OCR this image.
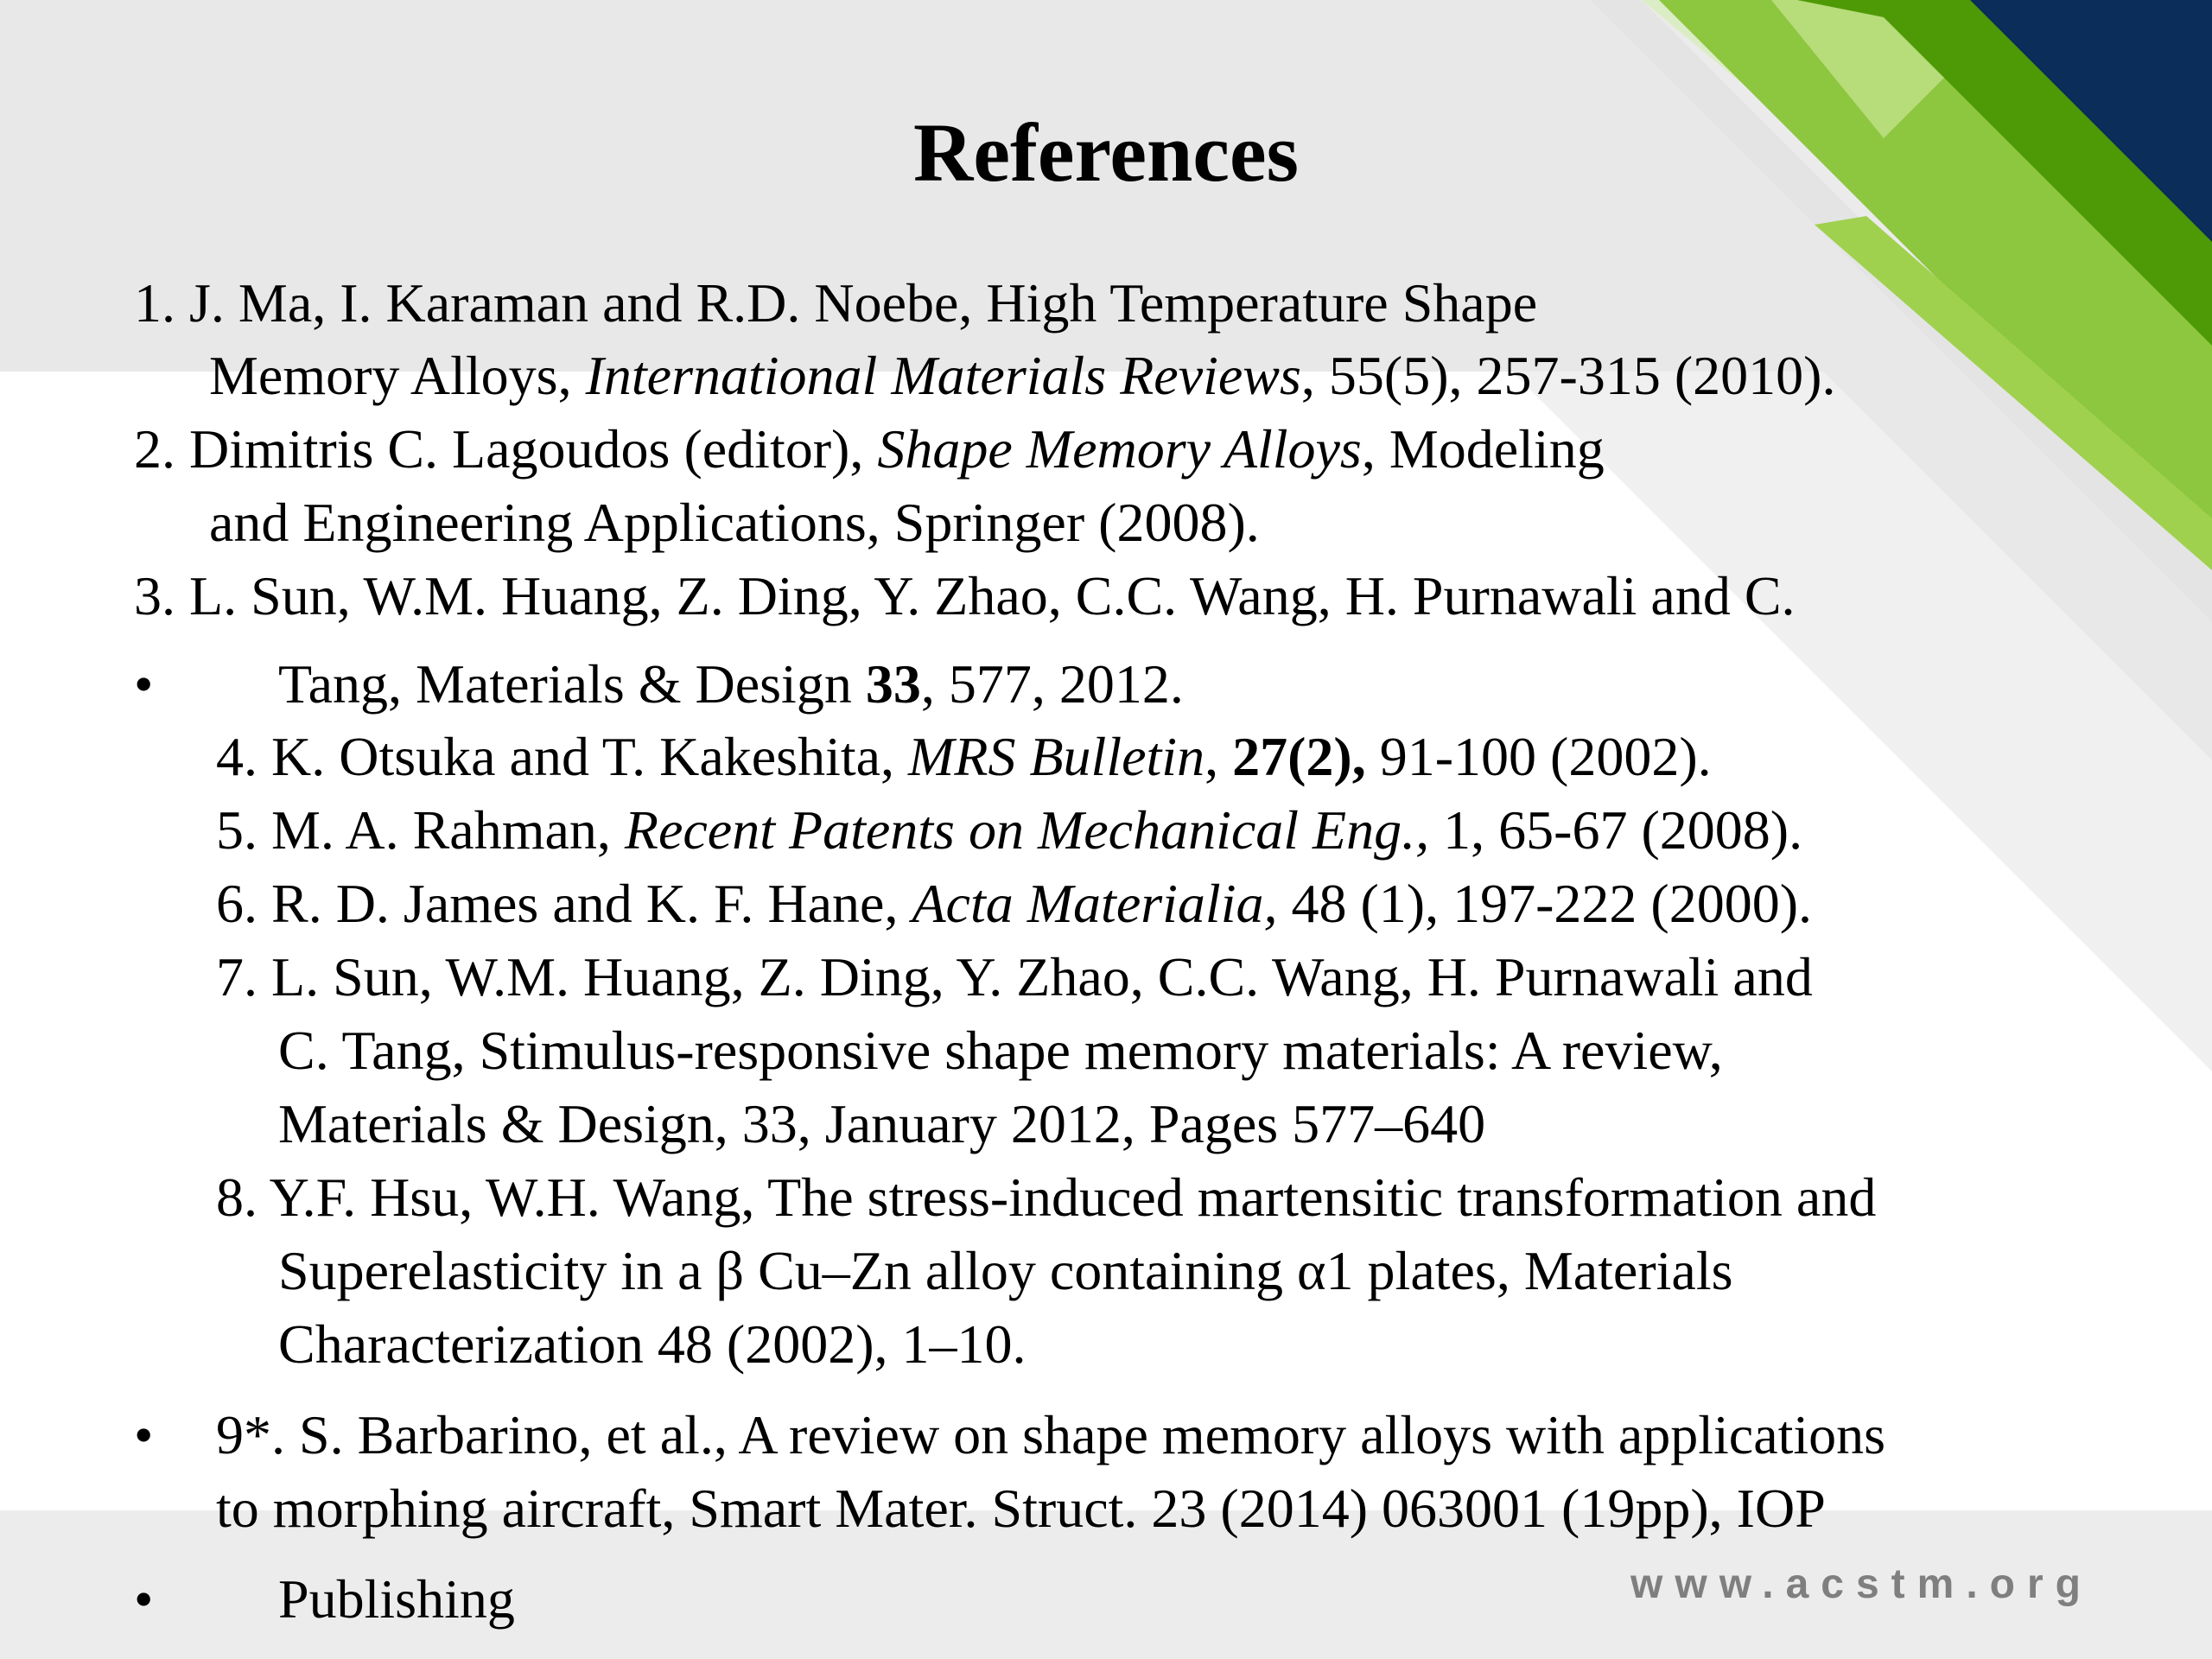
References
1. J. Ma, I. Karaman and R.D. Noebe, High Temperature Shape
Memory Alloys, International Materials Reviews, 55(5), 257-315 (2010).
2. Dimitris C. Lagoudos (editor), Shape Memory Alloys, Modeling
and Engineering Applications, Springer (2008).
3. L. Sun, W.M. Huang, Z. Ding, Y. Zhao, C.C. Wang, H. Purnawali and C.
• Tang, Materials & Design 33, 577, 2012.
4. K. Otsuka and T. Kakeshita, MRS Bulletin, 27(2), 91-100 (2002).
5. M. A. Rahman, Recent Patents on Mechanical Eng., 1, 65-67 (2008).
6. R. D. James and K. F. Hane, Acta Materialia, 48 (1), 197-222 (2000).
7. L. Sun, W.M. Huang, Z. Ding, Y. Zhao, C.C. Wang, H. Purnawali and
C. Tang, Stimulus-responsive shape memory materials: A review,
Materials & Design, 33, January 2012, Pages 577–640
8. Y.F. Hsu, W.H. Wang, The stress-induced martensitic transformation and
Superelasticity in a β Cu–Zn alloy containing α1 plates, Materials
Characterization 48 (2002), 1–10.
• 9*. S. Barbarino, et al., A review on shape memory alloys with applications
to morphing aircraft, Smart Mater. Struct. 23 (2014) 063001 (19pp), IOP
• Publishing	www.acstm.org
